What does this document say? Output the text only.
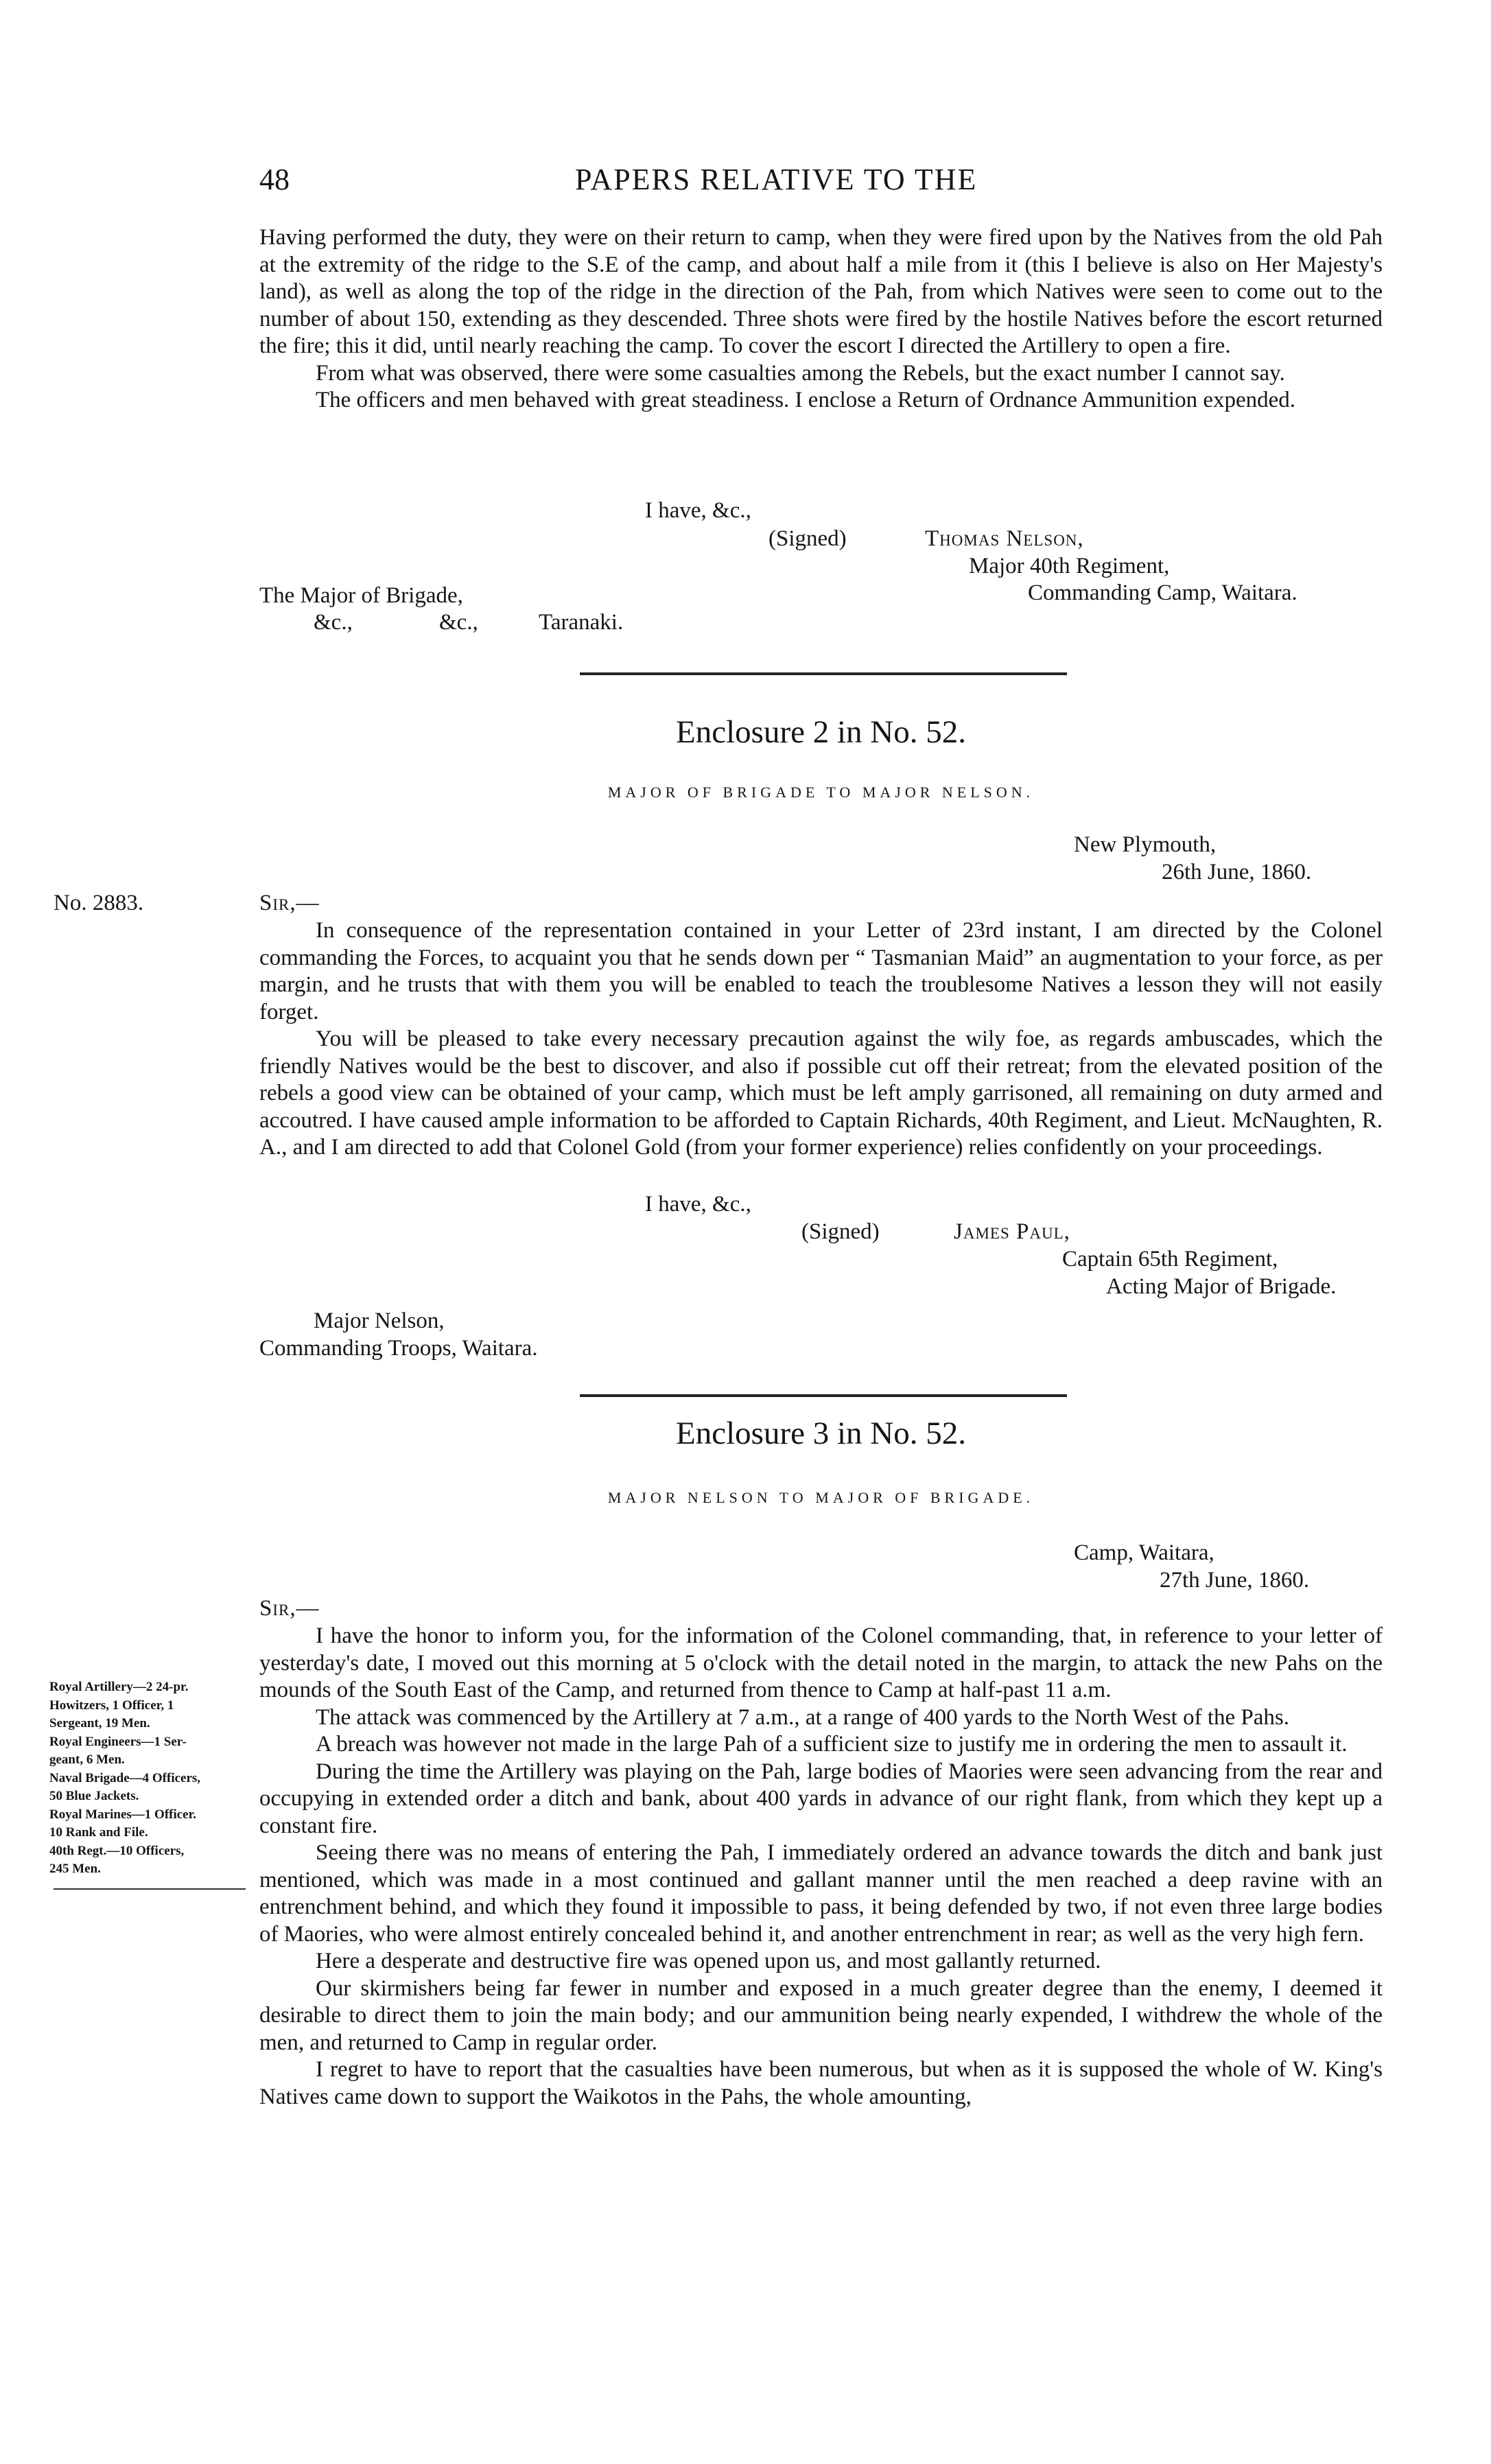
48	PAPERS RELATIVE TO THE

Having performed the duty, they were on their return to camp, when they were fired upon by the Natives from the old Pah at the extremity of the ridge to the S.E of the camp, and about half a mile from it (this I believe is also on Her Majesty's land), as well as along the top of the ridge in the direction of the Pah, from which Natives were seen to come out to the number of about 150, extending as they descended. Three shots were fired by the hostile Natives before the escort returned the fire; this it did, until nearly reaching the camp. To cover the escort I directed the Artillery to open a fire.

From what was observed, there were some casualties among the Rebels, but the exact number I cannot say.

The officers and men behaved with great steadiness. I enclose a Return of Ordnance Ammunition expended.

I have, &c.,
(Signed)	Thomas Nelson,
Major 40th Regiment,
Commanding Camp, Waitara.
The Major of Brigade,
&c.,	&c.,	Taranaki.
Enclosure 2 in No. 52.
MAJOR OF BRIGADE TO MAJOR NELSON.
New Plymouth,
26th June, 1860.
No. 2883.	Sir,—

In consequence of the representation contained in your Letter of 23rd instant, I am directed by the Colonel commanding the Forces, to acquaint you that he sends down per “ Tasmanian Maid” an augmentation to your force, as per margin, and he trusts that with them you will be enabled to teach the troublesome Natives a lesson they will not easily forget.

You will be pleased to take every necessary precaution against the wily foe, as regards ambuscades, which the friendly Natives would be the best to discover, and also if possible cut off their retreat; from the elevated position of the rebels a good view can be obtained of your camp, which must be left amply garrisoned, all remaining on duty armed and accoutred. I have caused ample information to be afforded to Captain Richards, 40th Regiment, and Lieut. McNaughten, R. A., and I am directed to add that Colonel Gold (from your former experience) relies confidently on your proceedings.

I have, &c.,
(Signed)	James Paul,
Captain 65th Regiment,
Acting Major of Brigade.
Major Nelson,
Commanding Troops, Waitara.
Enclosure 3 in No. 52.
MAJOR NELSON TO MAJOR OF BRIGADE.
Camp, Waitara,
27th June, 1860.
Sir,—
Royal Artillery—2 24-pr.
Howitzers, 1 Officer, 1
Sergeant, 19 Men.
Royal Engineers—1 Ser-
geant, 6 Men.
Naval Brigade—4 Officers,
50 Blue Jackets.
Royal Marines—1 Officer.
10 Rank and File.
40th Regt.—10 Officers,
245 Men.

I have the honor to inform you, for the information of the Colonel commanding, that, in reference to your letter of yesterday's date, I moved out this morning at 5 o'clock with the detail noted in the margin, to attack the new Pahs on the mounds of the South East of the Camp, and returned from thence to Camp at half-past 11 a.m.

The attack was commenced by the Artillery at 7 a.m., at a range of 400 yards to the North West of the Pahs.

A breach was however not made in the large Pah of a sufficient size to justify me in ordering the men to assault it.

During the time the Artillery was playing on the Pah, large bodies of Maories were seen advancing from the rear and occupying in extended order a ditch and bank, about 400 yards in advance of our right flank, from which they kept up a constant fire.

Seeing there was no means of entering the Pah, I immediately ordered an advance towards the ditch and bank just mentioned, which was made in a most continued and gallant manner until the men reached a deep ravine with an entrenchment behind, and which they found it impossible to pass, it being defended by two, if not even three large bodies of Maories, who were almost entirely concealed behind it, and another entrenchment in rear; as well as the very high fern.

Here a desperate and destructive fire was opened upon us, and most gallantly returned.

Our skirmishers being far fewer in number and exposed in a much greater degree than the enemy, I deemed it desirable to direct them to join the main body; and our ammunition being nearly expended, I withdrew the whole of the men, and returned to Camp in regular order.

I regret to have to report that the casualties have been numerous, but when as it is supposed the whole of W. King's Natives came down to support the Waikotos in the Pahs, the whole amounting,
